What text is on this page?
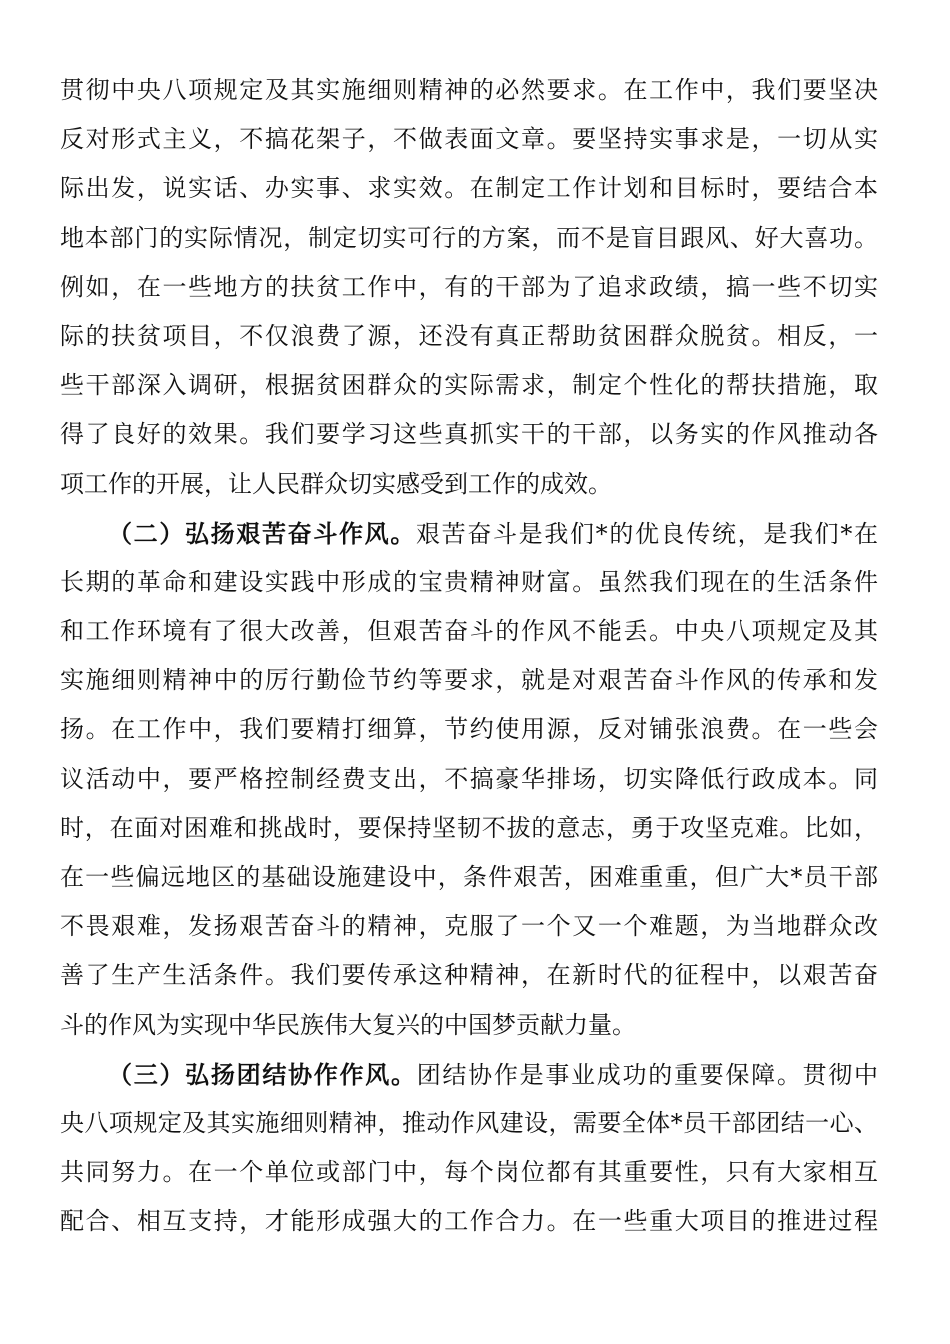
贯彻中央八项规定及其实施细则精神的必然要求。在工作中，我们要坚决
反对形式主义，不搞花架子，不做表面文章。要坚持实事求是，一切从实
际出发，说实话、办实事、求实效。在制定工作计划和目标时，要结合本
地本部门的实际情况，制定切实可行的方案，而不是盲目跟风、好大喜功。
例如，在一些地方的扶贫工作中，有的干部为了追求政绩，搞一些不切实
际的扶贫项目，不仅浪费了源，还没有真正帮助贫困群众脱贫。相反，一
些干部深入调研，根据贫困群众的实际需求，制定个性化的帮扶措施，取
得了良好的效果。我们要学习这些真抓实干的干部，以务实的作风推动各
项工作的开展，让人民群众切实感受到工作的成效。
（二）弘扬艰苦奋斗作风。艰苦奋斗是我们*的优良传统，是我们*在
长期的革命和建设实践中形成的宝贵精神财富。虽然我们现在的生活条件
和工作环境有了很大改善，但艰苦奋斗的作风不能丢。中央八项规定及其
实施细则精神中的厉行勤俭节约等要求，就是对艰苦奋斗作风的传承和发
扬。在工作中，我们要精打细算，节约使用源，反对铺张浪费。在一些会
议活动中，要严格控制经费支出，不搞豪华排场，切实降低行政成本。同
时，在面对困难和挑战时，要保持坚韧不拔的意志，勇于攻坚克难。比如，
在一些偏远地区的基础设施建设中，条件艰苦，困难重重，但广大*员干部
不畏艰难，发扬艰苦奋斗的精神，克服了一个又一个难题，为当地群众改
善了生产生活条件。我们要传承这种精神，在新时代的征程中，以艰苦奋
斗的作风为实现中华民族伟大复兴的中国梦贡献力量。
（三）弘扬团结协作作风。团结协作是事业成功的重要保障。贯彻中
央八项规定及其实施细则精神，推动作风建设，需要全体*员干部团结一心、
共同努力。在一个单位或部门中，每个岗位都有其重要性，只有大家相互
配合、相互支持，才能形成强大的工作合力。在一些重大项目的推进过程
